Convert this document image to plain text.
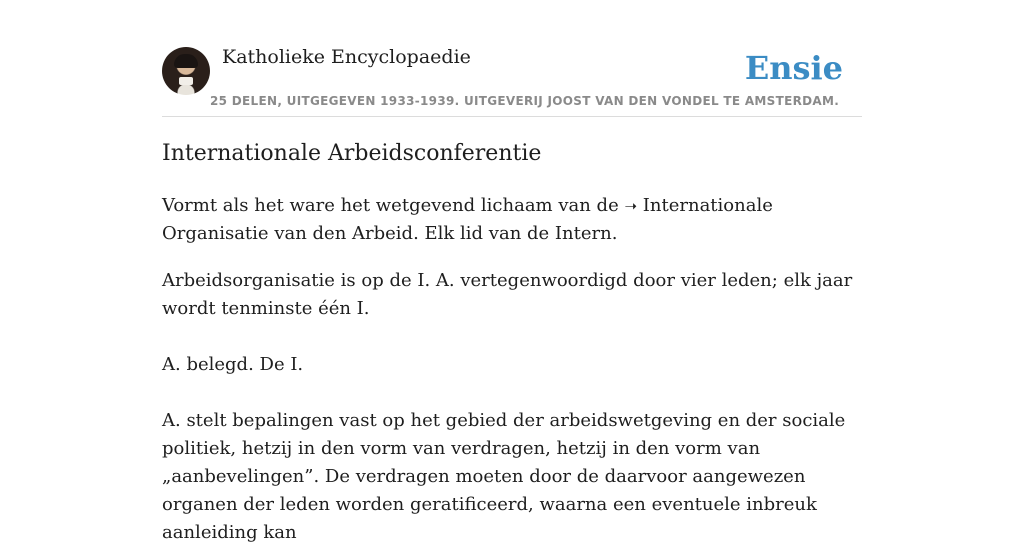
Katholieke Encyclopaedie	Ensie
25 DELEN, UITGEGEVEN 1933-1939. UITGEVERIJ JOOST VAN DEN VONDEL TE AMSTERDAM.
Internationale Arbeidsconferentie

Vormt als het ware het wetgevend lichaam van de ➝ Internationale Organisatie van den Arbeid. Elk lid van de Intern.

Arbeidsorganisatie is op de I. A. vertegenwoordigd door vier leden; elk jaar wordt tenminste één I.

A. belegd. De I.

A. stelt bepalingen vast op het gebied der arbeidswetgeving en der sociale politiek, hetzij in den vorm van verdragen, hetzij in den vorm van „aanbevelingen”. De verdragen moeten door de daarvoor aangewezen organen der leden worden geratificeerd, waarna een eventuele inbreuk aanleiding kan
